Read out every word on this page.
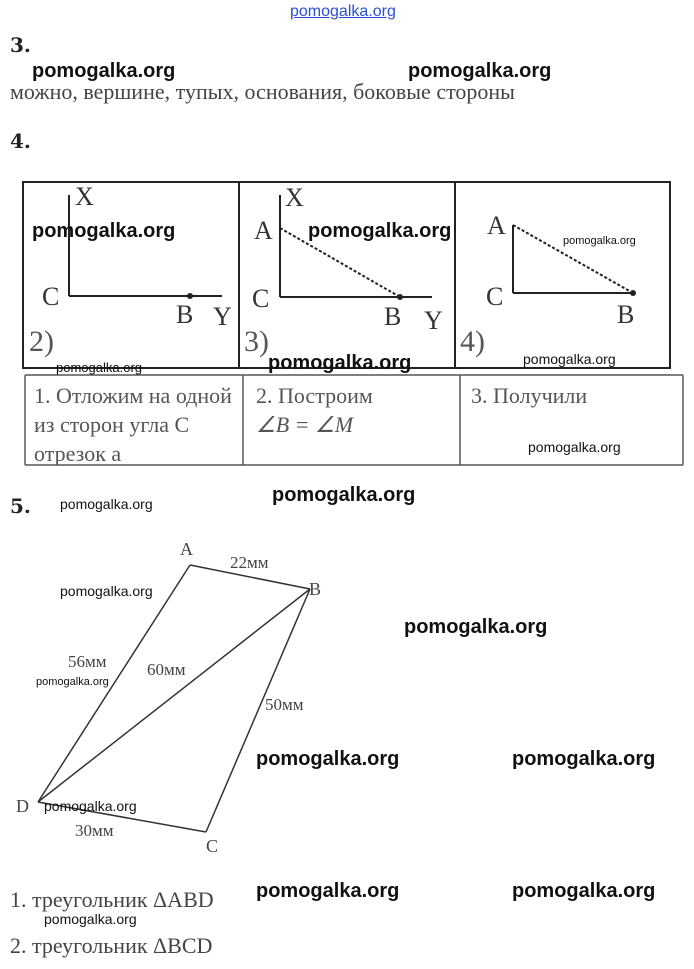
pomogalka.org
3.
можно, вершине, тупых, основания, боковые стороны
4.
X
C
B Y
2)
X
A
C
B Y
3)
A
C
B
4)
1. Отложим на одной из сторон угла С отрезок а
2. Построим
∠B = ∠M
3. Получили
5.
A
B
C
D
22мм
56мм 60мм
50мм
30мм
1. треугольник ΔABD
2. треугольник ΔBCD
pomogalka.org	pomogalka.org
pomogalka.org	pomogalka.org	pomogalka.org
pomogalka.org	pomogalka.org	pomogalka.org
pomogalka.org
pomogalka.org	pomogalka.org
pomogalka.org
pomogalka.org
pomogalka.org
pomogalka.org	pomogalka.org
pomogalka.org
pomogalka.org	pomogalka.org
pomogalka.org
